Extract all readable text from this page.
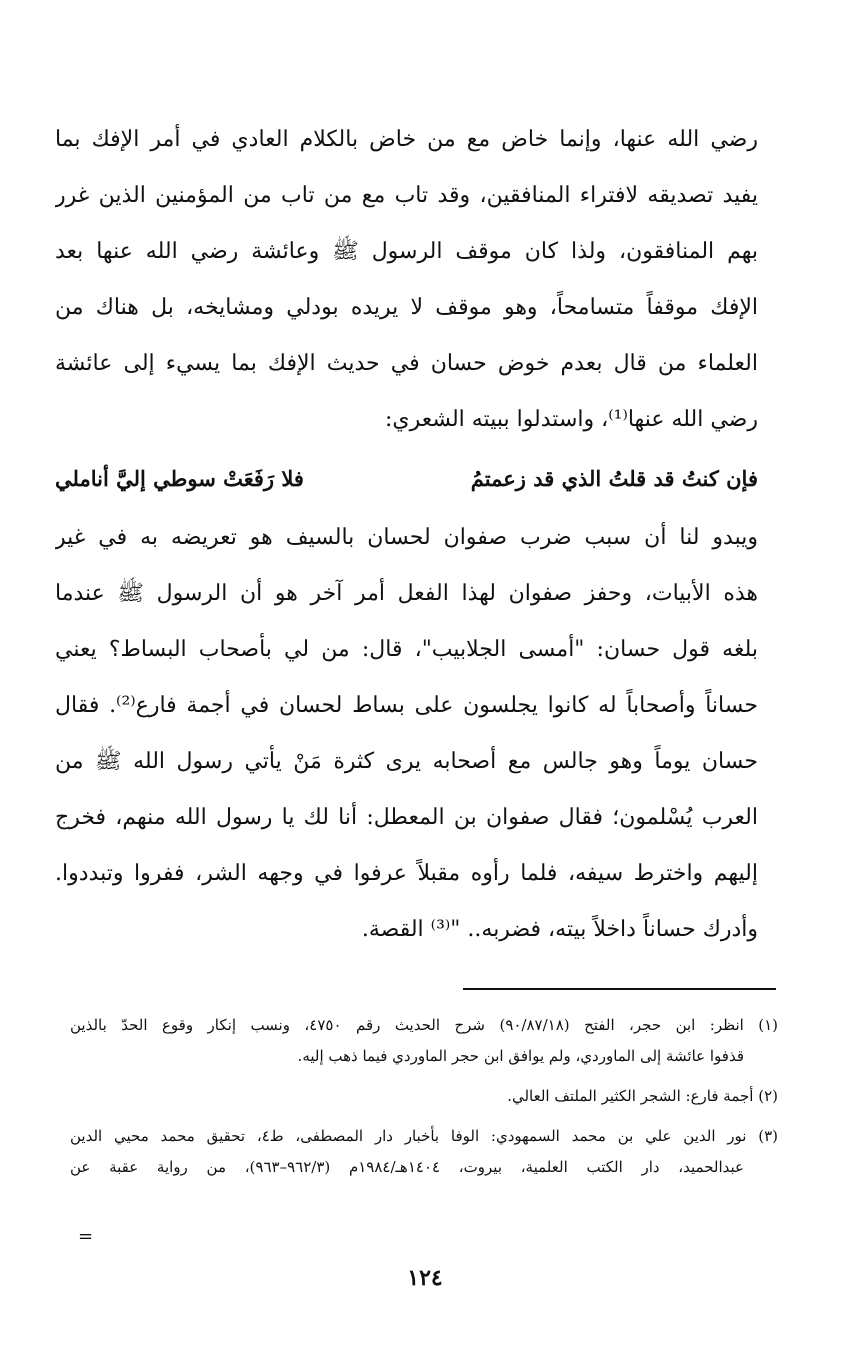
رضي الله عنها، وإنما خاض مع من خاض بالكلام العادي في أمر الإفك بما
يفيد تصديقه لافتراء المنافقين، وقد تاب مع من تاب من المؤمنين الذين غرر
بهم المنافقون، ولذا كان موقف الرسول ﷺ وعائشة رضي الله عنها بعد
الإفك موقفاً متسامحاً، وهو موقف لا يريده بودلي ومشايخه، بل هناك من
العلماء من قال بعدم خوض حسان في حديث الإفك بما يسيء إلى عائشة
رضي الله عنها⁽¹⁾، واستدلوا ببيته الشعري:
فإن كنتُ قد قلتُ الذي قد زعمتمُ
فلا رَفَعَتْ سوطي إليَّ أناملي
ويبدو لنا أن سبب ضرب صفوان لحسان بالسيف هو تعريضه به في غير
هذه الأبيات، وحفز صفوان لهذا الفعل أمر آخر هو أن الرسول ﷺ عندما
بلغه قول حسان: "أمسى الجلابيب"، قال: من لي بأصحاب البساط؟ يعني
حساناً وأصحاباً له كانوا يجلسون على بساط لحسان في أجمة فارع⁽²⁾. فقال
حسان يوماً وهو جالس مع أصحابه يرى كثرة مَنْ يأتي رسول الله ﷺ من
العرب يُسْلمون؛ فقال صفوان بن المعطل: أنا لك يا رسول الله منهم، فخرج
إليهم واخترط سيفه، فلما رأوه مقبلاً عرفوا في وجهه الشر، ففروا وتبددوا.
وأدرك حساناً داخلاً بيته، فضربه.. "⁽³⁾ القصة.
(١) انظر: ابن حجر، الفتح (٩٠/٨٧/١٨) شرح الحديث رقم ٤٧٥٠، ونسب إنكار وقوع الحدّ بالذين
قذفوا عائشة إلى الماوردي، ولم يوافق ابن حجر الماوردي فيما ذهب إليه.
(٢) أجمة فارع: الشجر الكثير الملتف العالي.
(٣) نور الدين علي بن محمد السمهودي: الوفا بأخبار دار المصطفى، ط٤، تحقيق محمد محيي الدين
عبدالحميد، دار الكتب العلمية، بيروت، ١٤٠٤هـ/١٩٨٤م (٩٦٢/٣–٩٦٣)، من رواية عقبة عن
=
١٢٤
